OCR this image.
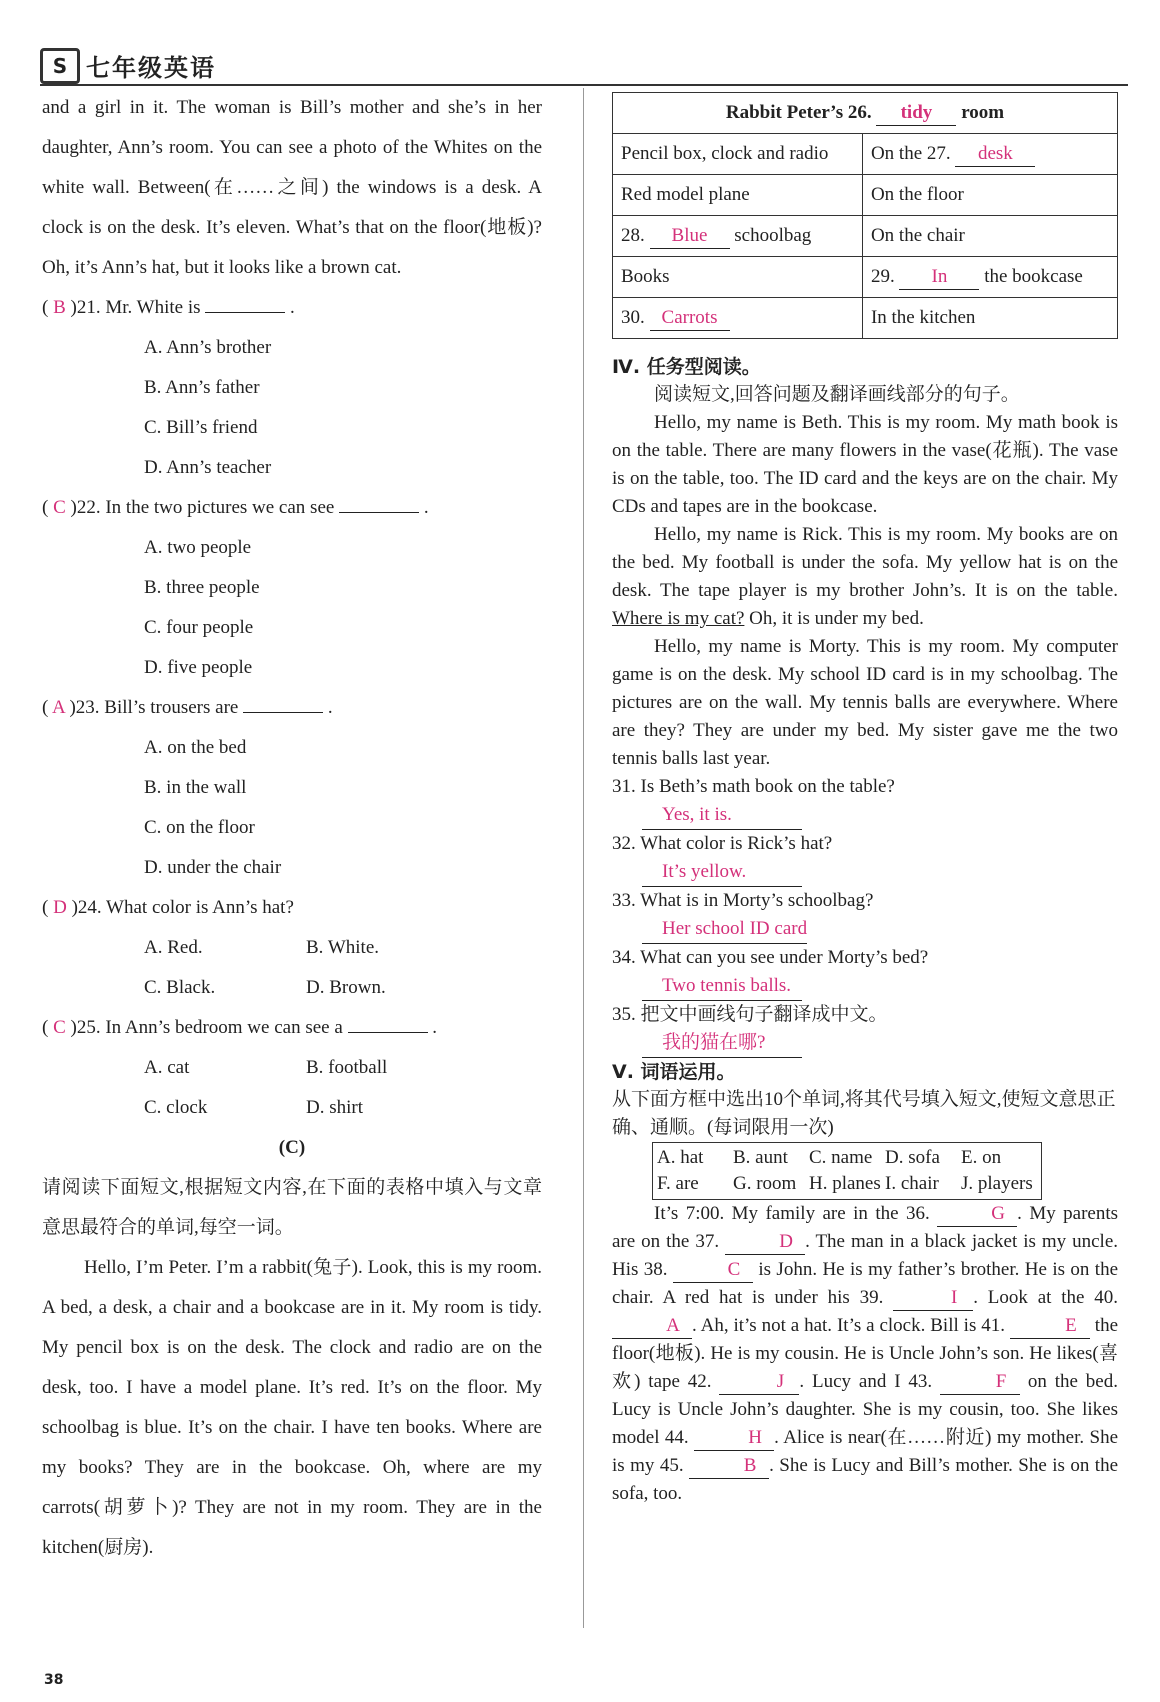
S 七年级英语

and a girl in it. The woman is Bill’s mother and she’s in her daughter, Ann’s room. You can see a photo of the Whites on the white wall. Between(在……之间) the windows is a desk. A clock is on the desk. It’s eleven. What’s that on the floor(地板)? Oh, it’s Ann’s hat, but it looks like a brown cat.

( B )21. Mr. White is	.
A. Ann’s brother
B. Ann’s father
C. Bill’s friend
D. Ann’s teacher
( C )22. In the two pictures we can see	.
A. two people
B. three people
C. four people
D. five people
( A )23. Bill’s trousers are	.
A. on the bed
B. in the wall
C. on the floor
D. under the chair
( D )24. What color is Ann’s hat?
A. Red.	B. White.
C. Black.	D. Brown.
( C )25. In Ann’s bedroom we can see a	.
A. cat	B. football
C. clock	D. shirt
(C)

请阅读下面短文,根据短文内容,在下面的表格中填入与文章意思最符合的单词,每空一词。

Hello, I’m Peter. I’m a rabbit(兔子). Look, this is my room. A bed, a desk, a chair and a bookcase are in it. My room is tidy. My pencil box is on the desk. The clock and radio are on the desk, too. I have a model plane. It’s red. It’s on the floor. My schoolbag is blue. It’s on the chair. I have ten books. Where are my books? They are in the bookcase. Oh, where are my carrots(胡萝卜)? They are not in my room. They are in the kitchen(厨房).

Rabbit Peter’s 26. tidy room	
Pencil box, clock and radio	On the 27. desk
Red model plane	On the floor
28. Blue schoolbag	On the chair
Books	29. In the bookcase
30. Carrots	In the kitchen
Ⅳ. 任务型阅读。

阅读短文,回答问题及翻译画线部分的句子。

Hello, my name is Beth. This is my room. My math book is on the table. There are many flowers in the vase(花瓶). The vase is on the table, too. The ID card and the keys are on the chair. My CDs and tapes are in the bookcase.

Hello, my name is Rick. This is my room. My books are on the bed. My football is under the sofa. My yellow hat is on the desk. The tape player is my brother John’s. It is on the table. Where is my cat? Oh, it is under my bed.

Hello, my name is Morty. This is my room. My computer game is on the desk. My school ID card is in my schoolbag. The pictures are on the wall. My tennis balls are everywhere. Where are they? They are under my bed. My sister gave me the two tennis balls last year.

31. Is Beth’s math book on the table?
Yes, it is.
32. What color is Rick’s hat?
It’s yellow.
33. What is in Morty’s schoolbag?
Her school ID card
34. What can you see under Morty’s bed?
Two tennis balls.
35. 把文中画线句子翻译成中文。
我的猫在哪?
Ⅴ. 词语运用。

从下面方框中选出10个单词,将其代号填入短文,使短文意思正确、通顺。(每词限用一次)

A. hat B. aunt C. name D. sofa E. on
F. are G. room H. planes I. chair J. players

It’s 7:00. My family are in the 36.	G . My parents are on the 37.	D . The man in a black jacket is my uncle. His 38.	C is John. He is my father’s brother. He is on the chair. A red hat is under his 39.	I . Look at the 40. A . Ah, it’s not a hat. It’s a clock. Bill is 41.	E the floor(地板). He is my cousin. He is Uncle John’s son. He likes(喜欢) tape 42.	J . Lucy and I 43.	F on the bed. Lucy is Uncle John’s daughter. She is my cousin, too. She likes model 44.	H . Alice is near(在……附近) my mother. She is my 45.	B . She is Lucy and Bill’s mother. She is on the sofa, too.

38
